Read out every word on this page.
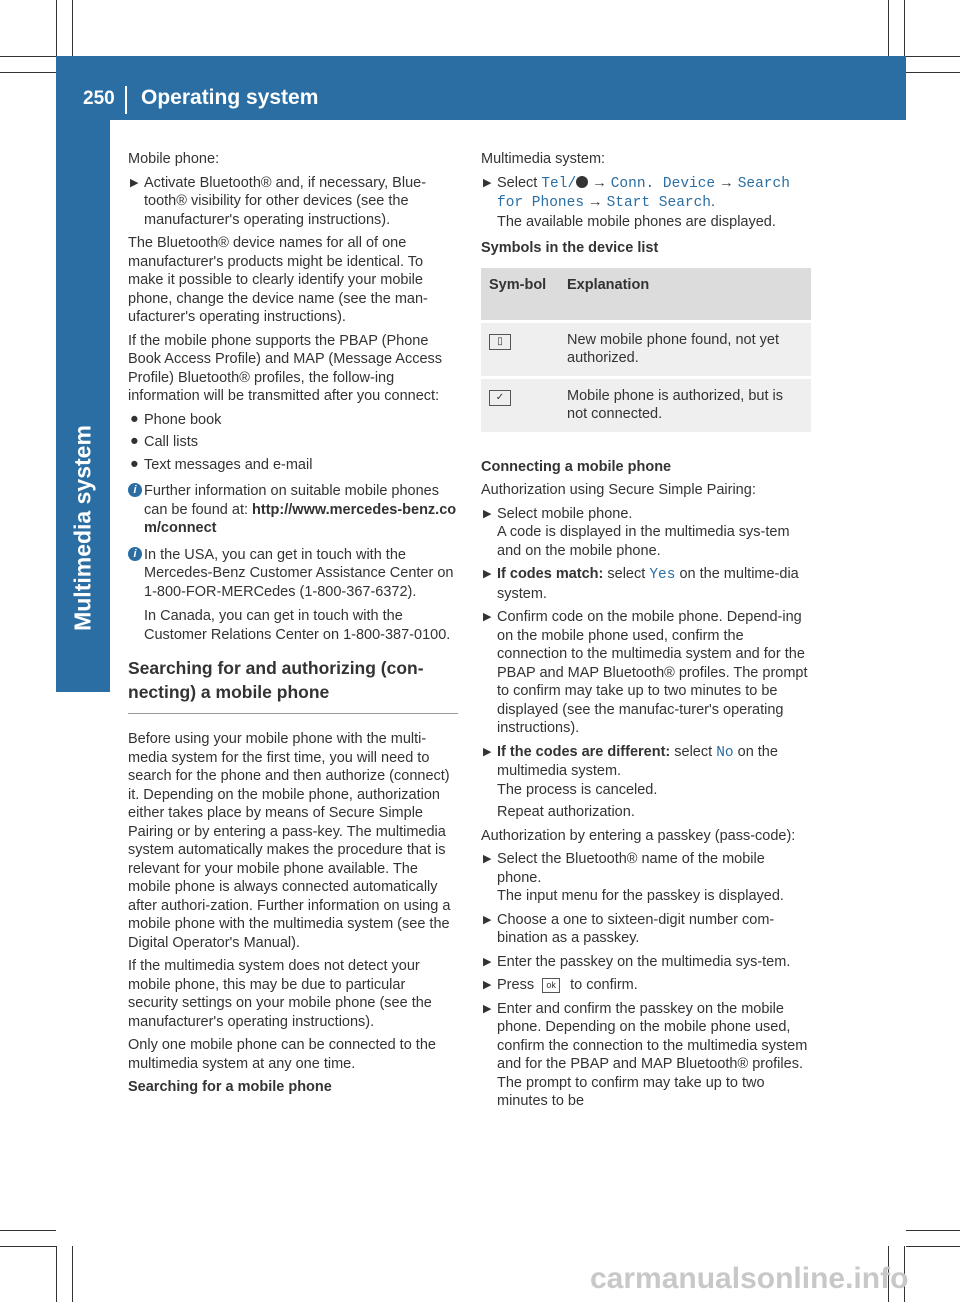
250 Operating system
Multimedia system

Mobile phone:

▶ Activate Bluetooth® and, if necessary, Blue-tooth® visibility for other devices (see the manufacturer's operating instructions).

The Bluetooth® device names for all of one manufacturer's products might be identical. To make it possible to clearly identify your mobile phone, change the device name (see the man-ufacturer's operating instructions).

If the mobile phone supports the PBAP (Phone Book Access Profile) and MAP (Message Access Profile) Bluetooth® profiles, the follow-ing information will be transmitted after you connect:

● Phone book
● Call lists
● Text messages and e-mail
i Further information on suitable mobile phones can be found at: http://www.mercedes-benz.com/connect

i In the USA, you can get in touch with the Mercedes-Benz Customer Assistance Center on 1-800-FOR-MERCedes (1-800-367-6372).

In Canada, you can get in touch with the Customer Relations Center on 1-800-387-0100.

Searching for and authorizing (con-necting) a mobile phone

Before using your mobile phone with the multi-media system for the first time, you will need to search for the phone and then authorize (connect) it. Depending on the mobile phone, authorization either takes place by means of Secure Simple Pairing or by entering a pass-key. The multimedia system automatically makes the procedure that is relevant for your mobile phone available. The mobile phone is always connected automatically after authori-zation. Further information on using a mobile phone with the multimedia system (see the Digital Operator's Manual).

If the multimedia system does not detect your mobile phone, this may be due to particular security settings on your mobile phone (see the manufacturer's operating instructions).

Only one mobile phone can be connected to the multimedia system at any one time.

Searching for a mobile phone

Multimedia system:

▶ Select Tel/ → Conn. Device → Search for Phones → Start Search.
The available mobile phones are displayed.

Symbols in the device list

Sym-bol	Explanation
▯	New mobile phone found, not yet authorized.
✓	Mobile phone is authorized, but is not connected.

Connecting a mobile phone

Authorization using Secure Simple Pairing:

▶ Select mobile phone.
A code is displayed in the multimedia sys-tem and on the mobile phone.
▶ If codes match: select Yes on the multime-dia system.
▶ Confirm code on the mobile phone. Depend-ing on the mobile phone used, confirm the connection to the multimedia system and for the PBAP and MAP Bluetooth® profiles. The prompt to confirm may take up to two minutes to be displayed (see the manufac-turer's operating instructions).
▶ If the codes are different: select No on the multimedia system.
The process is canceled.
Repeat authorization.

Authorization by entering a passkey (pass-code):

▶ Select the Bluetooth® name of the mobile phone.
The input menu for the passkey is displayed.
▶ Choose a one to sixteen-digit number com-bination as a passkey.
▶ Enter the passkey on the multimedia sys-tem.
▶ Press ok to confirm.
▶ Enter and confirm the passkey on the mobile phone. Depending on the mobile phone used, confirm the connection to the multimedia system and for the PBAP and MAP Bluetooth® profiles. The prompt to confirm may take up to two minutes to be
carmanualsonline.info
